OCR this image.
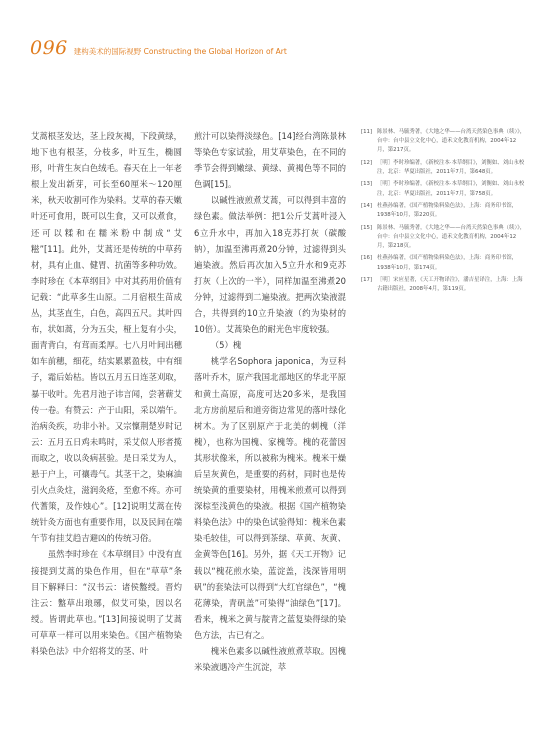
096 建构美术的国际视野 Constructing the Global Horizon of Art

艾蒿根茎发达，茎上段灰褐，下段黄绿，地下也有根茎，分枝多，叶互生，椭圆形，叶背生灰白色绒毛。春天在上一年老根上发出新芽，可长至60厘米～120厘米，秋天收割可作为染料。艾草的春天嫩叶还可食用，既可以生食，又可以煮食，还可以糅和在糯米粉中制成“艾糍”[11]。此外，艾蒿还是传统的中草药材，具有止血、健胃、抗菌等多种功效。李时珍在《本草纲目》中对其药用价值有记载：“此草多生山原。二月宿根生苗成丛，其茎直生，白色，高四五尺。其叶四布，状如蒿，分为五尖，桠上复有小尖，面青背白，有茸而柔厚。七八月叶间出穗如车前穗，细花，结实累累盈枝，中有细子，霜后始枯。皆以五月五日连茎刈取，暴干收叶。先君月池子讳言闻，尝著蕲艾传一卷。有赞云：产于山阳，采以端午。治病灸疾，功非小补。又宗懍荆楚岁时记云：五月五日鸡未鸣时，采艾似人形者揽而取之，收以灸病甚验。是日采艾为人，悬于户上，可禳毒气。其茎干之，染麻油引火点灸炷，滋润灸疮，至愈不疼。亦可代蓍策，及作烛心”。[12]说明艾蒿在传统针灸方面也有重要作用，以及民间在端午节有挂艾趋吉避凶的传统习俗。

虽然李时珍在《本草纲目》中没有直接提到艾蒿的染色作用，但在“草草”条目下解释曰：“汉书云：诸侯盭绶。晋灼注云：盭草出琅琊，似艾可染，因以名绶。皆谓此草也。”[13]间接说明了艾蒿可草草一样可以用来染色。《国产植物染料染色法》中介绍将艾的茎、叶

煎汁可以染得淡绿色。[14]经台湾陈景林等染色专家试验，用艾草染色，在不同的季节会得到嫩绿、黄绿、黄褐色等不同的色调[15]。

以碱性液煎煮艾蒿，可以得到丰富的绿色素。做法举例：把1公斤艾蒿叶浸入6立升水中，再加入18克苏打灰（碳酸钠），加温至沸再煮20分钟，过滤得到头遍染液。然后再次加入5立升水和9克苏打灰（上次的一半），同样加温至沸煮20分钟，过滤得到二遍染液。把两次染液混合，共得到约10立升染液（约为染材的10倍）。艾蒿染色的耐光色牢度较强。

（5）槐

桃学名Sophora japonica，为豆科落叶乔木，原产我国北部地区的华北平原和黄土高原，高度可达20多米，是我国北方房前屋后和道旁街边常见的落叶绿化树木。为了区别原产于北美的刺槐（洋槐），也称为国槐、家槐等。槐的花蕾因其形状像米，所以被称为槐米。槐米干燥后呈灰黄色，是重要的药材，同时也是传统染黄的重要染材，用槐米煎煮可以得到深棕至浅黄色的染液。根据《国产植物染料染色法》中的染色试验得知：槐米色素染毛较佳，可以得到茶绿、草黄、灰黄、金黄等色[16]。另外，据《天工开物》记载以“槐花煎水染，蓝淀盖，浅深皆用明矾”的套染法可以得到“大红官绿色”，“槐花薄染，青矾盖”可染得“油绿色”[17]。看来，槐米之黄与靛青之蓝复染得绿的染色方法，古已有之。

槐米色素多以碱性液煎煮萃取。因槐米染液遇冷产生沉淀，萃

[11] 陈景林、马毓秀著，《大地之华——台湾天然染色事典（续）》，台中：台中县立文化中心，道禾文化教育机构，2004年12月，第217页。
[12] ［明］李时珍编著，《新校注本·本草纲目》，刘衡如、刘山永校注，北京：华夏出版社，2011年7月，第648页。
[13] ［明］李时珍编著，《新校注本·本草纲目》，刘衡如、刘山永校注，北京：华夏出版社，2011年7月，第758页。
[14] 杜燕孙编著，《国产植物染料染色法》，上海：商务印书馆，1938年10月，第220页。
[15] 陈景林、马毓秀著，《大地之华——台湾天然染色事典（续）》，台中：台中县立文化中心，道禾文化教育机构，2004年12月，第218页。
[16] 杜燕孙编著，《国产植物染料染色法》，上海：商务印书馆，1938年10月，第174页。
[17] ［明］宋应星著，《天工开物译注》，潘吉星译注，上海：上海古籍出版社，2008年4月，第119页。
